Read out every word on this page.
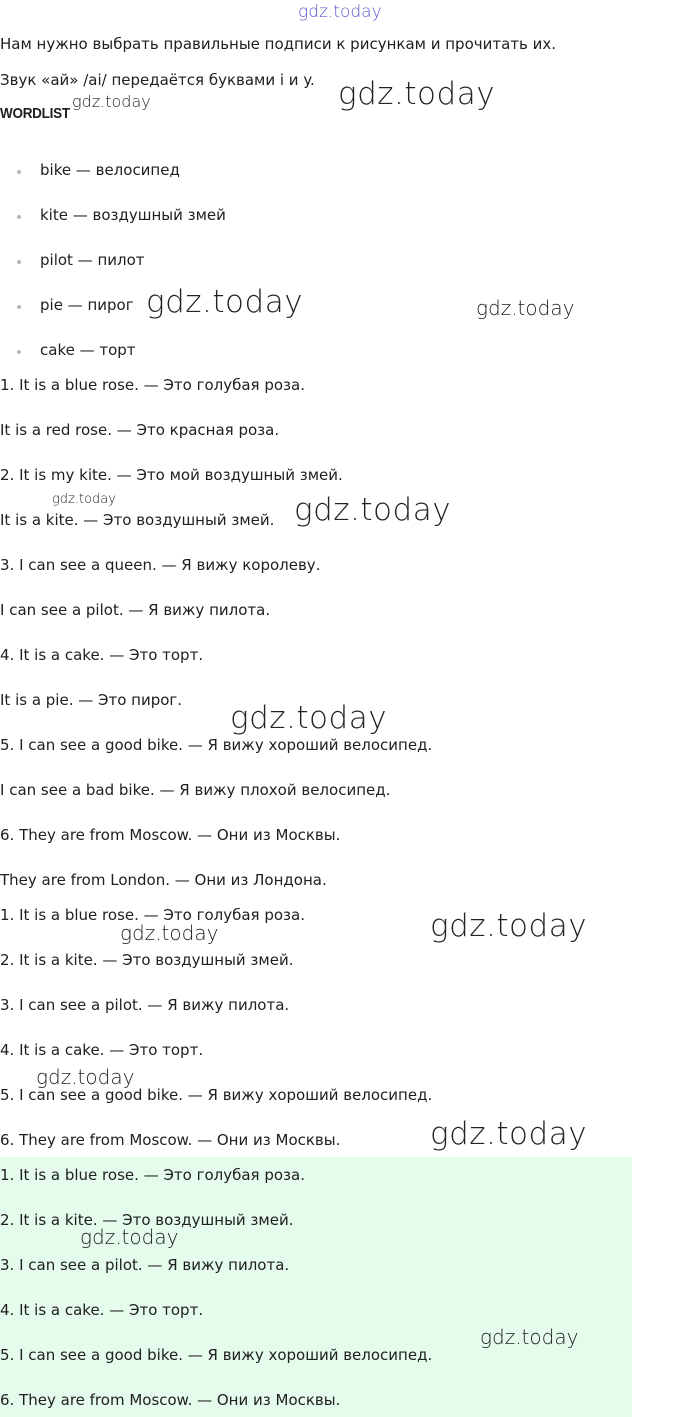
Нам нужно выбрать правильные подписи к рисункам и прочитать их.
Звук «ай» /ai/ передаётся буквами i и y.
WORDLIST
bike — велосипед
kite — воздушный змей
pilot — пилот
pie — пирог
cake — торт
1. It is a blue rose. — Это голубая роза.
It is a red rose. — Это красная роза.
2. It is my kite. — Это мой воздушный змей.
It is a kite. — Это воздушный змей.
3. I can see a queen. — Я вижу королеву.
I can see a pilot. — Я вижу пилота.
4. It is a cake. — Это торт.
It is a pie. — Это пирог.
5. I can see a good bike. — Я вижу хороший велосипед.
I can see a bad bike. — Я вижу плохой велосипед.
6. They are from Moscow. — Они из Москвы.
They are from London. — Они из Лондона.
1. It is a blue rose. — Это голубая роза.
2. It is a kite. — Это воздушный змей.
3. I can see a pilot. — Я вижу пилота.
4. It is a cake. — Это торт.
5. I can see a good bike. — Я вижу хороший велосипед.
6. They are from Moscow. — Они из Москвы.
1. It is a blue rose. — Это голубая роза.
2. It is a kite. — Это воздушный змей.
3. I can see a pilot. — Я вижу пилота.
4. It is a cake. — Это торт.
5. I can see a good bike. — Я вижу хороший велосипед.
6. They are from Moscow. — Они из Москвы.
gdz.today
gdz.today	gdz.today
gdz.today	gdz.today
gdz.today	gdz.today
gdz.today
gdz.today
gdz.today
gdz.today
gdz.today
gdz.today
gdz.today
